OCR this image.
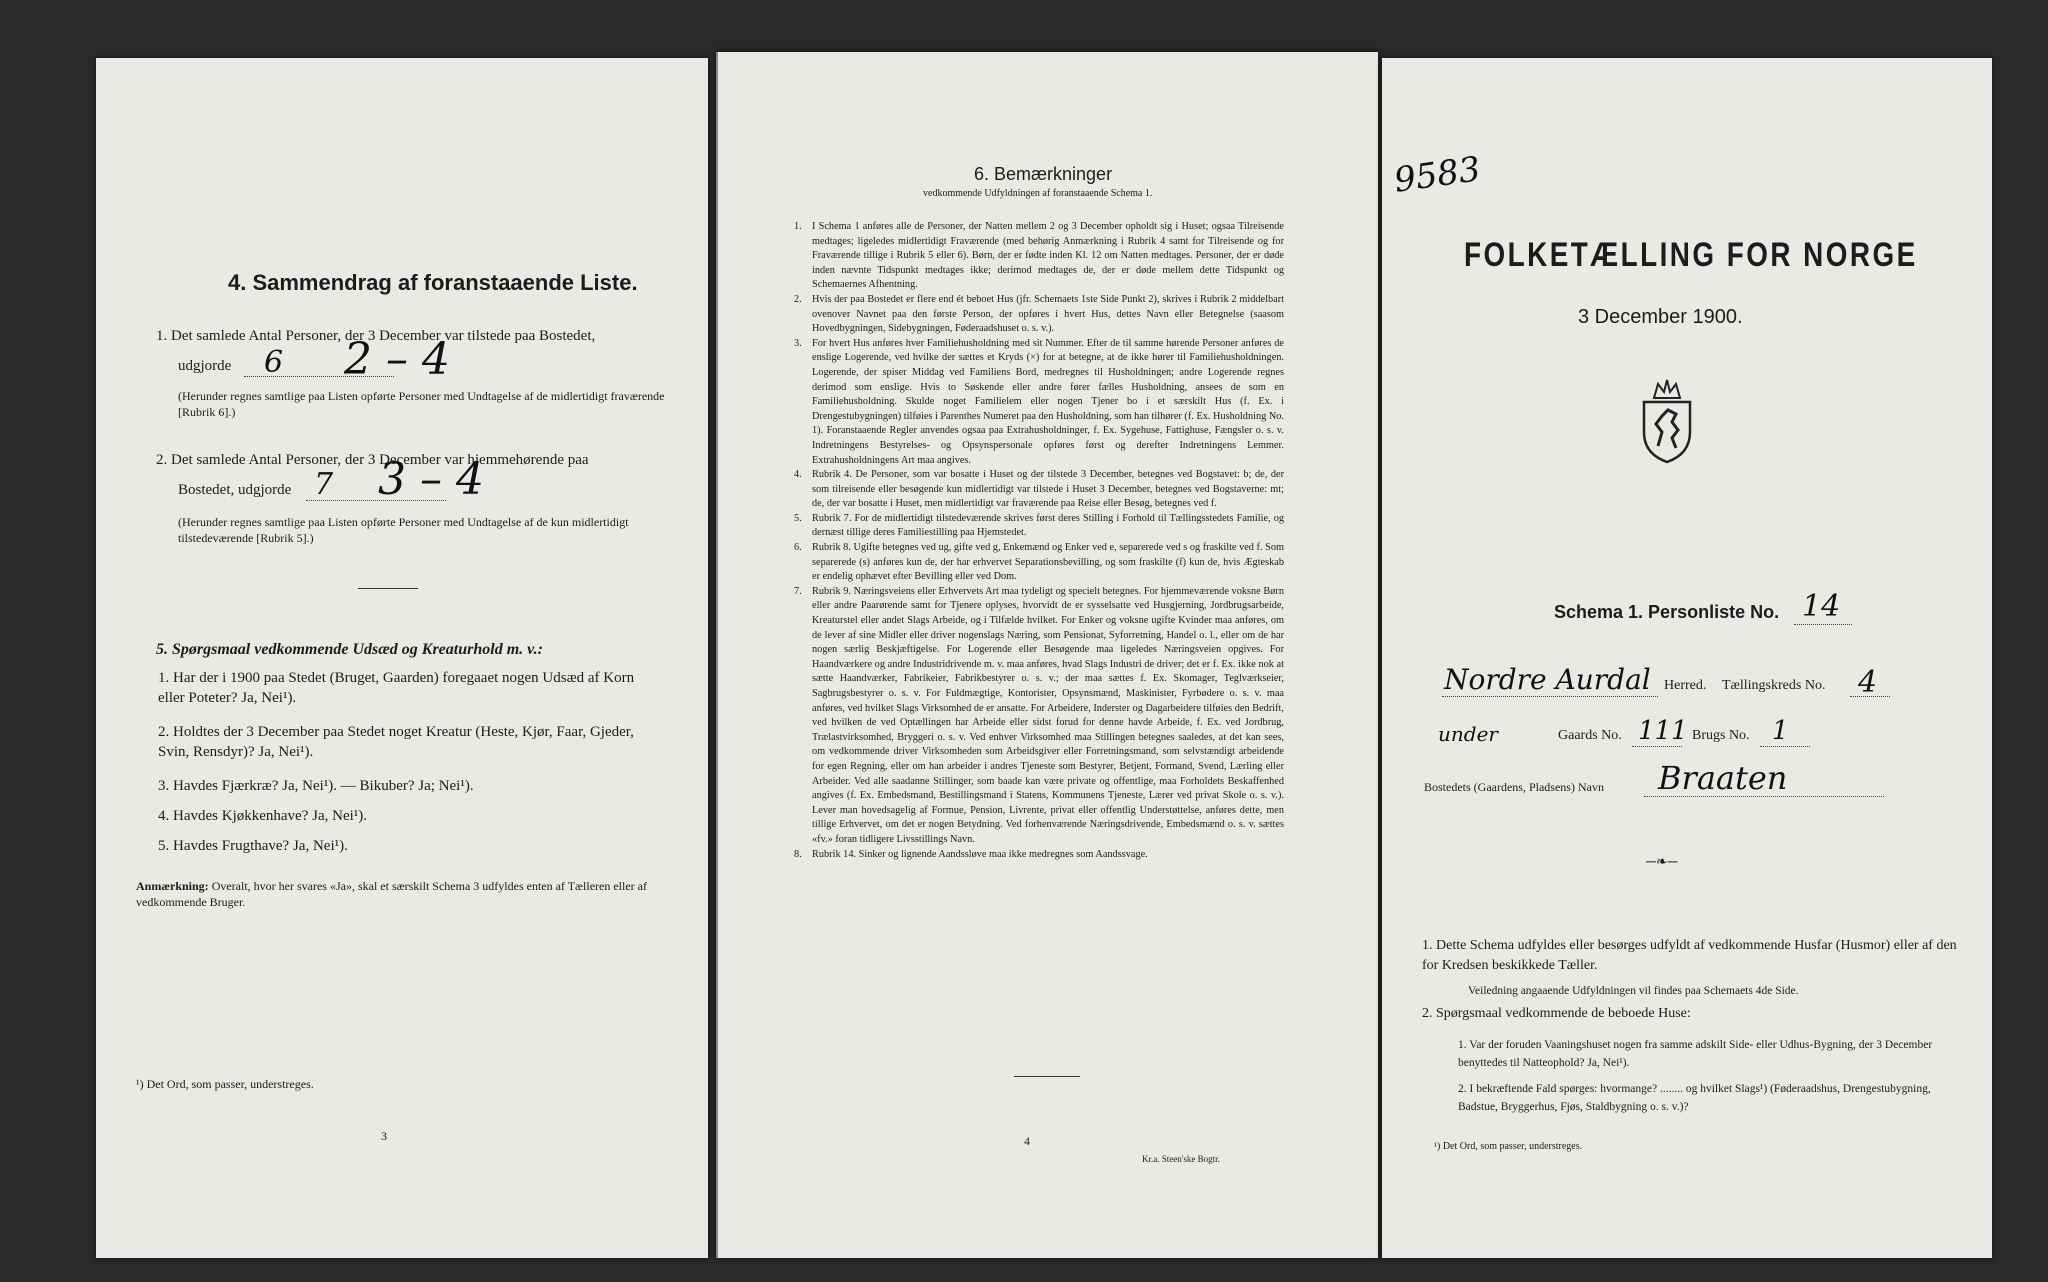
4. Sammendrag af foranstaaende Liste.
1. Det samlede Antal Personer, der 3 December var tilstede paa Bostedet,
udgjorde 6 2 – 4
(Herunder regnes samtlige paa Listen opførte Personer med Undtagelse af de midlertidigt fraværende [Rubrik 6].)
2. Det samlede Antal Personer, der 3 December var hjemmehørende paa
Bostedet, udgjorde 7 3 – 4
(Herunder regnes samtlige paa Listen opførte Personer med Undtagelse af de kun midlertidigt tilstedeværende [Rubrik 5].)
5. Spørgsmaal vedkommende Udsæd og Kreaturhold m. v.:
1. Har der i 1900 paa Stedet (Bruget, Gaarden) foregaaet nogen Udsæd af Korn eller Poteter? Ja, Nei¹).
2. Holdtes der 3 December paa Stedet noget Kreatur (Heste, Kjør, Faar, Gjeder, Svin, Rensdyr)? Ja, Nei¹).
3. Havdes Fjærkræ? Ja, Nei¹). — Bikuber? Ja; Nei¹).
4. Havdes Kjøkkenhave? Ja, Nei¹).
5. Havdes Frugthave? Ja, Nei¹).
Anmærkning: Overalt, hvor her svares «Ja», skal et særskilt Schema 3 udfyldes enten af Tælleren eller af vedkommende Bruger.
¹) Det Ord, som passer, understreges.
3
6. Bemærkninger
vedkommende Udfyldningen af foranstaaende Schema 1.
1. I Schema 1 anføres alle de Personer, der Natten mellem 2 og 3 December opholdt sig i Huset; ogsaa Tilreisende medtages; ligeledes midlertidigt Fraværende (med behørig Anmærkning i Rubrik 4 samt for Tilreisende og for Fraværende tillige i Rubrik 5 eller 6). Børn, der er fødte inden Kl. 12 om Natten medtages. Personer, der er døde inden nævnte Tidspunkt medtages ikke; derimod medtages de, der er døde mellem dette Tidspunkt og Schemaernes Afhentning.
2. Hvis der paa Bostedet er flere end ét beboet Hus (jfr. Schemaets 1ste Side Punkt 2), skrives i Rubrik 2 middelbart ovenover Navnet paa den første Person, der opføres i hvert Hus, dettes Navn eller Betegnelse (saasom Hovedbygningen, Sidebygningen, Føderaadshuset o. s. v.).
3. For hvert Hus anføres hver Familiehusholdning med sit Nummer. Efter de til samme hørende Personer anføres de enslige Logerende, ved hvilke der sættes et Kryds (×) for at betegne, at de ikke hører til Familiehusholdningen. Logerende, der spiser Middag ved Familiens Bord, medregnes til Husholdningen; andre Logerende regnes derimod som enslige. Hvis to Søskende eller andre fører fælles Husholdning, ansees de som en Familiehusholdning. Skulde noget Familielem eller nogen Tjener bo i et særskilt Hus (f. Ex. i Drengestubygningen) tilføies i Parenthes Numeret paa den Husholdning, som han tilhører (f. Ex. Husholdning No. 1). Foranstaaende Regler anvendes ogsaa paa Extrahusholdninger, f. Ex. Sygehuse, Fattighuse, Fængsler o. s. v. Indretningens Bestyrelses- og Opsynspersonale opføres først og derefter Indretningens Lemmer. Extrahusholdningens Art maa angives.
4. Rubrik 4. De Personer, som var bosatte i Huset og der tilstede 3 December, betegnes ved Bogstavet: b; de, der som tilreisende eller besøgende kun midlertidigt var tilstede i Huset 3 December, betegnes ved Bogstaverne: mt; de, der var bosatte i Huset, men midlertidigt var fraværende paa Reise eller Besøg, betegnes ved f.
5. Rubrik 7. For de midlertidigt tilstedeværende skrives først deres Stilling i Forhold til Tællingsstedets Familie, og dernæst tillige deres Familiestilling paa Hjemstedet.
6. Rubrik 8. Ugifte betegnes ved ug, gifte ved g, Enkemænd og Enker ved e, separerede ved s og fraskilte ved f. Som separerede (s) anføres kun de, der har erhvervet Separationsbevilling, og som fraskilte (f) kun de, hvis Ægteskab er endelig ophævet efter Bevilling eller ved Dom.
7. Rubrik 9. Næringsveiens eller Erhvervets Art maa tydeligt og specielt betegnes. For hjemmeværende voksne Børn eller andre Paarørende samt for Tjenere oplyses, hvorvidt de er sysselsatte ved Husgjerning, Jordbrugsarbeide, Kreaturstel eller andet Slags Arbeide, og i Tilfælde hvilket. For Enker og voksne ugifte Kvinder maa anføres, om de lever af sine Midler eller driver nogenslags Næring, som Pensionat, Syforretning, Handel o. l., eller om de har nogen særlig Beskjæftigelse. For Logerende eller Besøgende maa ligeledes Næringsveien opgives. For Haandværkere og andre Industridrivende m. v. maa anføres, hvad Slags Industri de driver; det er f. Ex. ikke nok at sætte Haandværker, Fabrikeier, Fabrikbestyrer o. s. v.; der maa sættes f. Ex. Skomager, Teglværkseier, Sagbrugsbestyrer o. s. v. For Fuldmægtige, Kontorister, Opsynsmænd, Maskinister, Fyrbødere o. s. v. maa anføres, ved hvilket Slags Virksomhed de er ansatte. For Arbeidere, Inderster og Dagarbeidere tilføies den Bedrift, ved hvilken de ved Optællingen har Arbeide eller sidst forud for denne havde Arbeide, f. Ex. ved Jordbrug, Trælastvirksomhed, Bryggeri o. s. v. Ved enhver Virksomhed maa Stillingen betegnes saaledes, at det kan sees, om vedkommende driver Virksomheden som Arbeidsgiver eller Forretningsmand, som selvstændigt arbeidende for egen Regning, eller om han arbeider i andres Tjeneste som Bestyrer, Betjent, Formand, Svend, Lærling eller Arbeider. Ved alle saadanne Stillinger, som baade kan være private og offentlige, maa Forholdets Beskaffenhed angives (f. Ex. Embedsmand, Bestillingsmand i Statens, Kommunens Tjeneste, Lærer ved privat Skole o. s. v.). Lever man hovedsagelig af Formue, Pension, Livrente, privat eller offentlig Understøttelse, anføres dette, men tillige Erhvervet, om det er nogen Betydning. Ved forhenværende Næringsdrivende, Embedsmænd o. s. v. sættes «fv.» foran tidligere Livsstillings Navn.
8. Rubrik 14. Sinker og lignende Aandssløve maa ikke medregnes som Aandssvage.
4
Kr.a. Steen'ske Bogtr.
9583
FOLKETÆLLING FOR NORGE
3 December 1900.
Schema 1. Personliste No. 14
Nordre Aurdal Herred. Tællingskreds No. 4
under	Gaards No. 111 Brugs No. 1
Bostedets (Gaardens, Pladsens) Navn Braaten
─❧─
1. Dette Schema udfyldes eller besørges udfyldt af vedkommende Husfar (Husmor) eller af den for Kredsen beskikkede Tæller.
Veiledning angaaende Udfyldningen vil findes paa Schemaets 4de Side.
2. Spørgsmaal vedkommende de beboede Huse:
1. Var der foruden Vaaningshuset nogen fra samme adskilt Side- eller Udhus-Bygning, der 3 December benyttedes til Natteophold? Ja, Nei¹).
2. I bekræftende Fald spørges: hvormange? ........ og hvilket Slags¹) (Føderaadshus, Drengestubygning, Badstue, Bryggerhus, Fjøs, Staldbygning o. s. v.)?
¹) Det Ord, som passer, understreges.
